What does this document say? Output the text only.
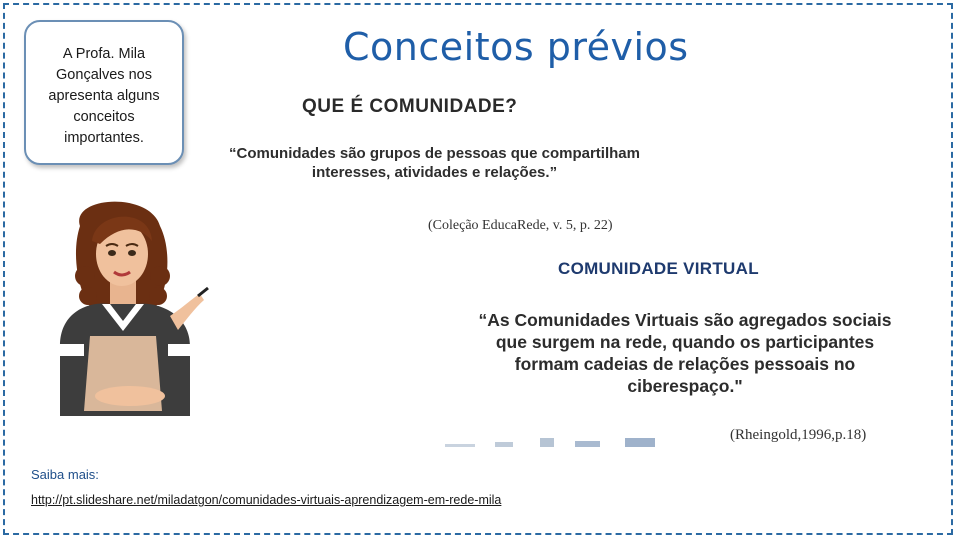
A Profa. Mila Gonçalves nos apresenta alguns conceitos importantes.
Conceitos prévios
QUE É COMUNIDADE?
“Comunidades são grupos de pessoas que compartilham interesses, atividades e relações.”
(Coleção EducaRede, v. 5, p. 22)
COMUNIDADE VIRTUAL
“As Comunidades Virtuais são agregados sociais que surgem na rede, quando os participantes formam cadeias de relações pessoais no ciberespaço."
(Rheingold,1996,p.18)
Saiba mais:
http://pt.slideshare.net/miladatgon/comunidades-virtuais-aprendizagem-em-rede-mila
